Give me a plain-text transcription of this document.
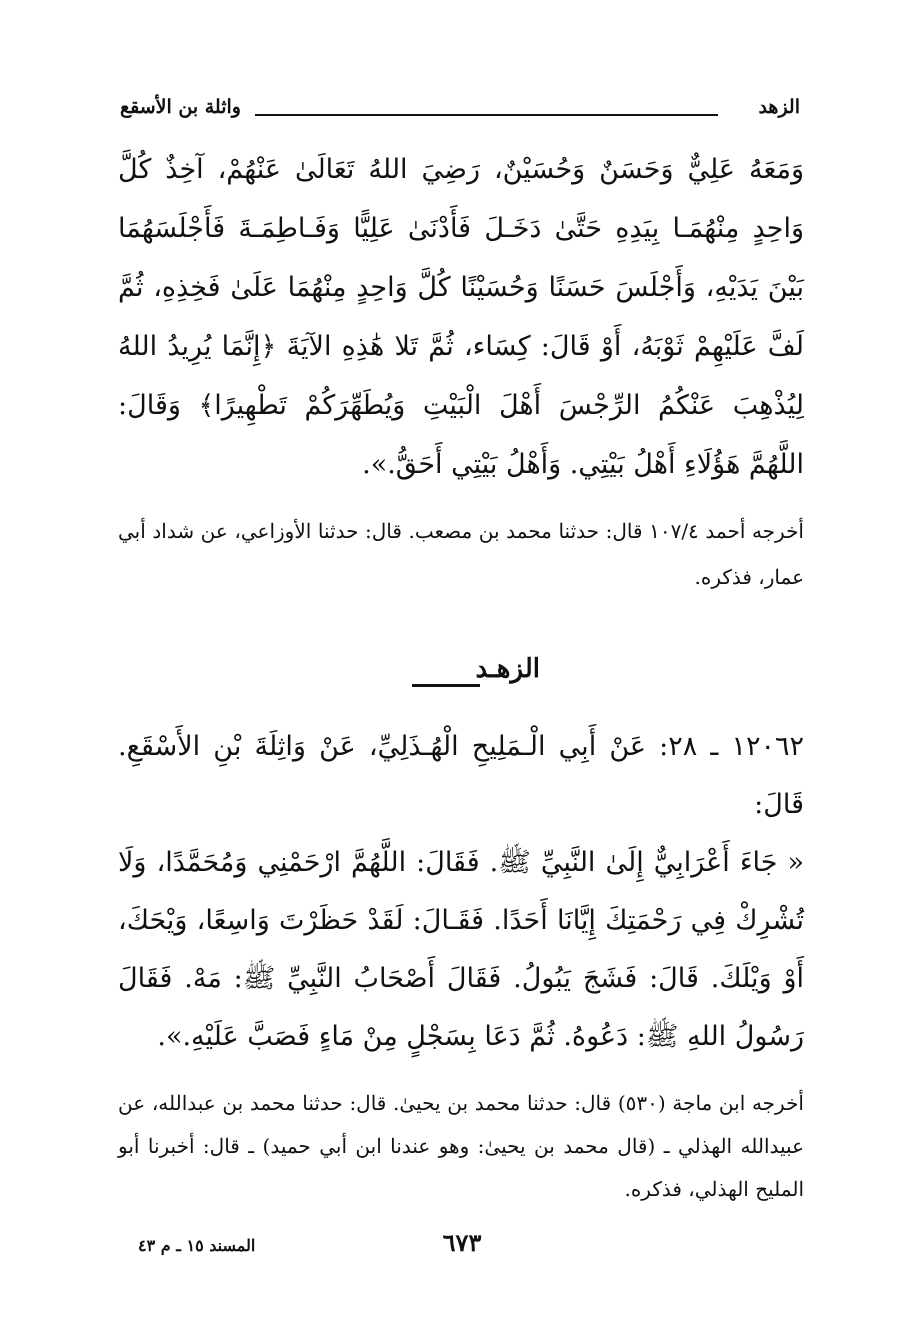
الزهد
واثلة بن الأسقع
وَمَعَهُ عَلِيٌّ وَحَسَنٌ وَحُسَيْنٌ، رَضِيَ اللهُ تَعَالَىٰ عَنْهُمْ، آخِذٌ كُلَّ وَاحِدٍ مِنْهُمَـا بِيَدِهِ حَتَّىٰ دَخَـلَ فَأَدْنَىٰ عَلِيًّا وَفَـاطِمَـةَ فَأَجْلَسَهُمَا بَيْنَ يَدَيْهِ، وَأَجْلَسَ حَسَنًا وَحُسَيْنًا كُلَّ وَاحِدٍ مِنْهُمَا عَلَىٰ فَخِذِهِ، ثُمَّ لَفَّ عَلَيْهِمْ ثَوْبَهُ، أَوْ قَالَ: كِسَاء، ثُمَّ تَلا هَٰذِهِ الآيَةَ ﴿إِنَّمَا يُرِيدُ اللهُ لِيُذْهِبَ عَنْكُمُ الرِّجْسَ أَهْلَ الْبَيْتِ وَيُطَهِّرَكُمْ تَطْهِيرًا﴾ وَقَالَ: اللَّهُمَّ هَؤُلَاءِ أَهْلُ بَيْتِي. وَأَهْلُ بَيْتِي أَحَقُّ.».
أخرجه أحمد ١٠٧/٤ قال: حدثنا محمد بن مصعب. قال: حدثنا الأوزاعي، عن شداد أبي عمار، فذكره.
الزهـد
١٢٠٦٢ ـ ٢٨: عَنْ أَبِي الْـمَلِيحِ الْهُـذَلِيِّ، عَنْ وَاثِلَةَ بْنِ الأَسْقَعِ. قَالَ:
« جَاءَ أَعْرَابِيٌّ إِلَىٰ النَّبِيِّ ﷺ. فَقَالَ: اللَّهُمَّ ارْحَمْنِي وَمُحَمَّدًا، وَلَا تُشْرِكْ فِي رَحْمَتِكَ إِيَّانَا أَحَدًا. فَقَـالَ: لَقَدْ حَظَرْتَ وَاسِعًا، وَيْحَكَ، أَوْ وَيْلَكَ. قَالَ: فَشَجَ يَبُولُ. فَقَالَ أَصْحَابُ النَّبِيِّ ﷺ: مَهْ. فَقَالَ رَسُولُ اللهِ ﷺ: دَعُوهُ. ثُمَّ دَعَا بِسَجْلٍ مِنْ مَاءٍ فَصَبَّ عَلَيْهِ.».
أخرجه ابن ماجة (٥٣٠) قال: حدثنا محمد بن يحيىٰ. قال: حدثنا محمد بن عبدالله، عن عبيدالله الهذلي ـ (قال محمد بن يحيىٰ: وهو عندنا ابن أبي حميد) ـ قال: أخبرنا أبو المليح الهذلي، فذكره.
المسند ١٥ ـ م ٤٣	٦٧٣
